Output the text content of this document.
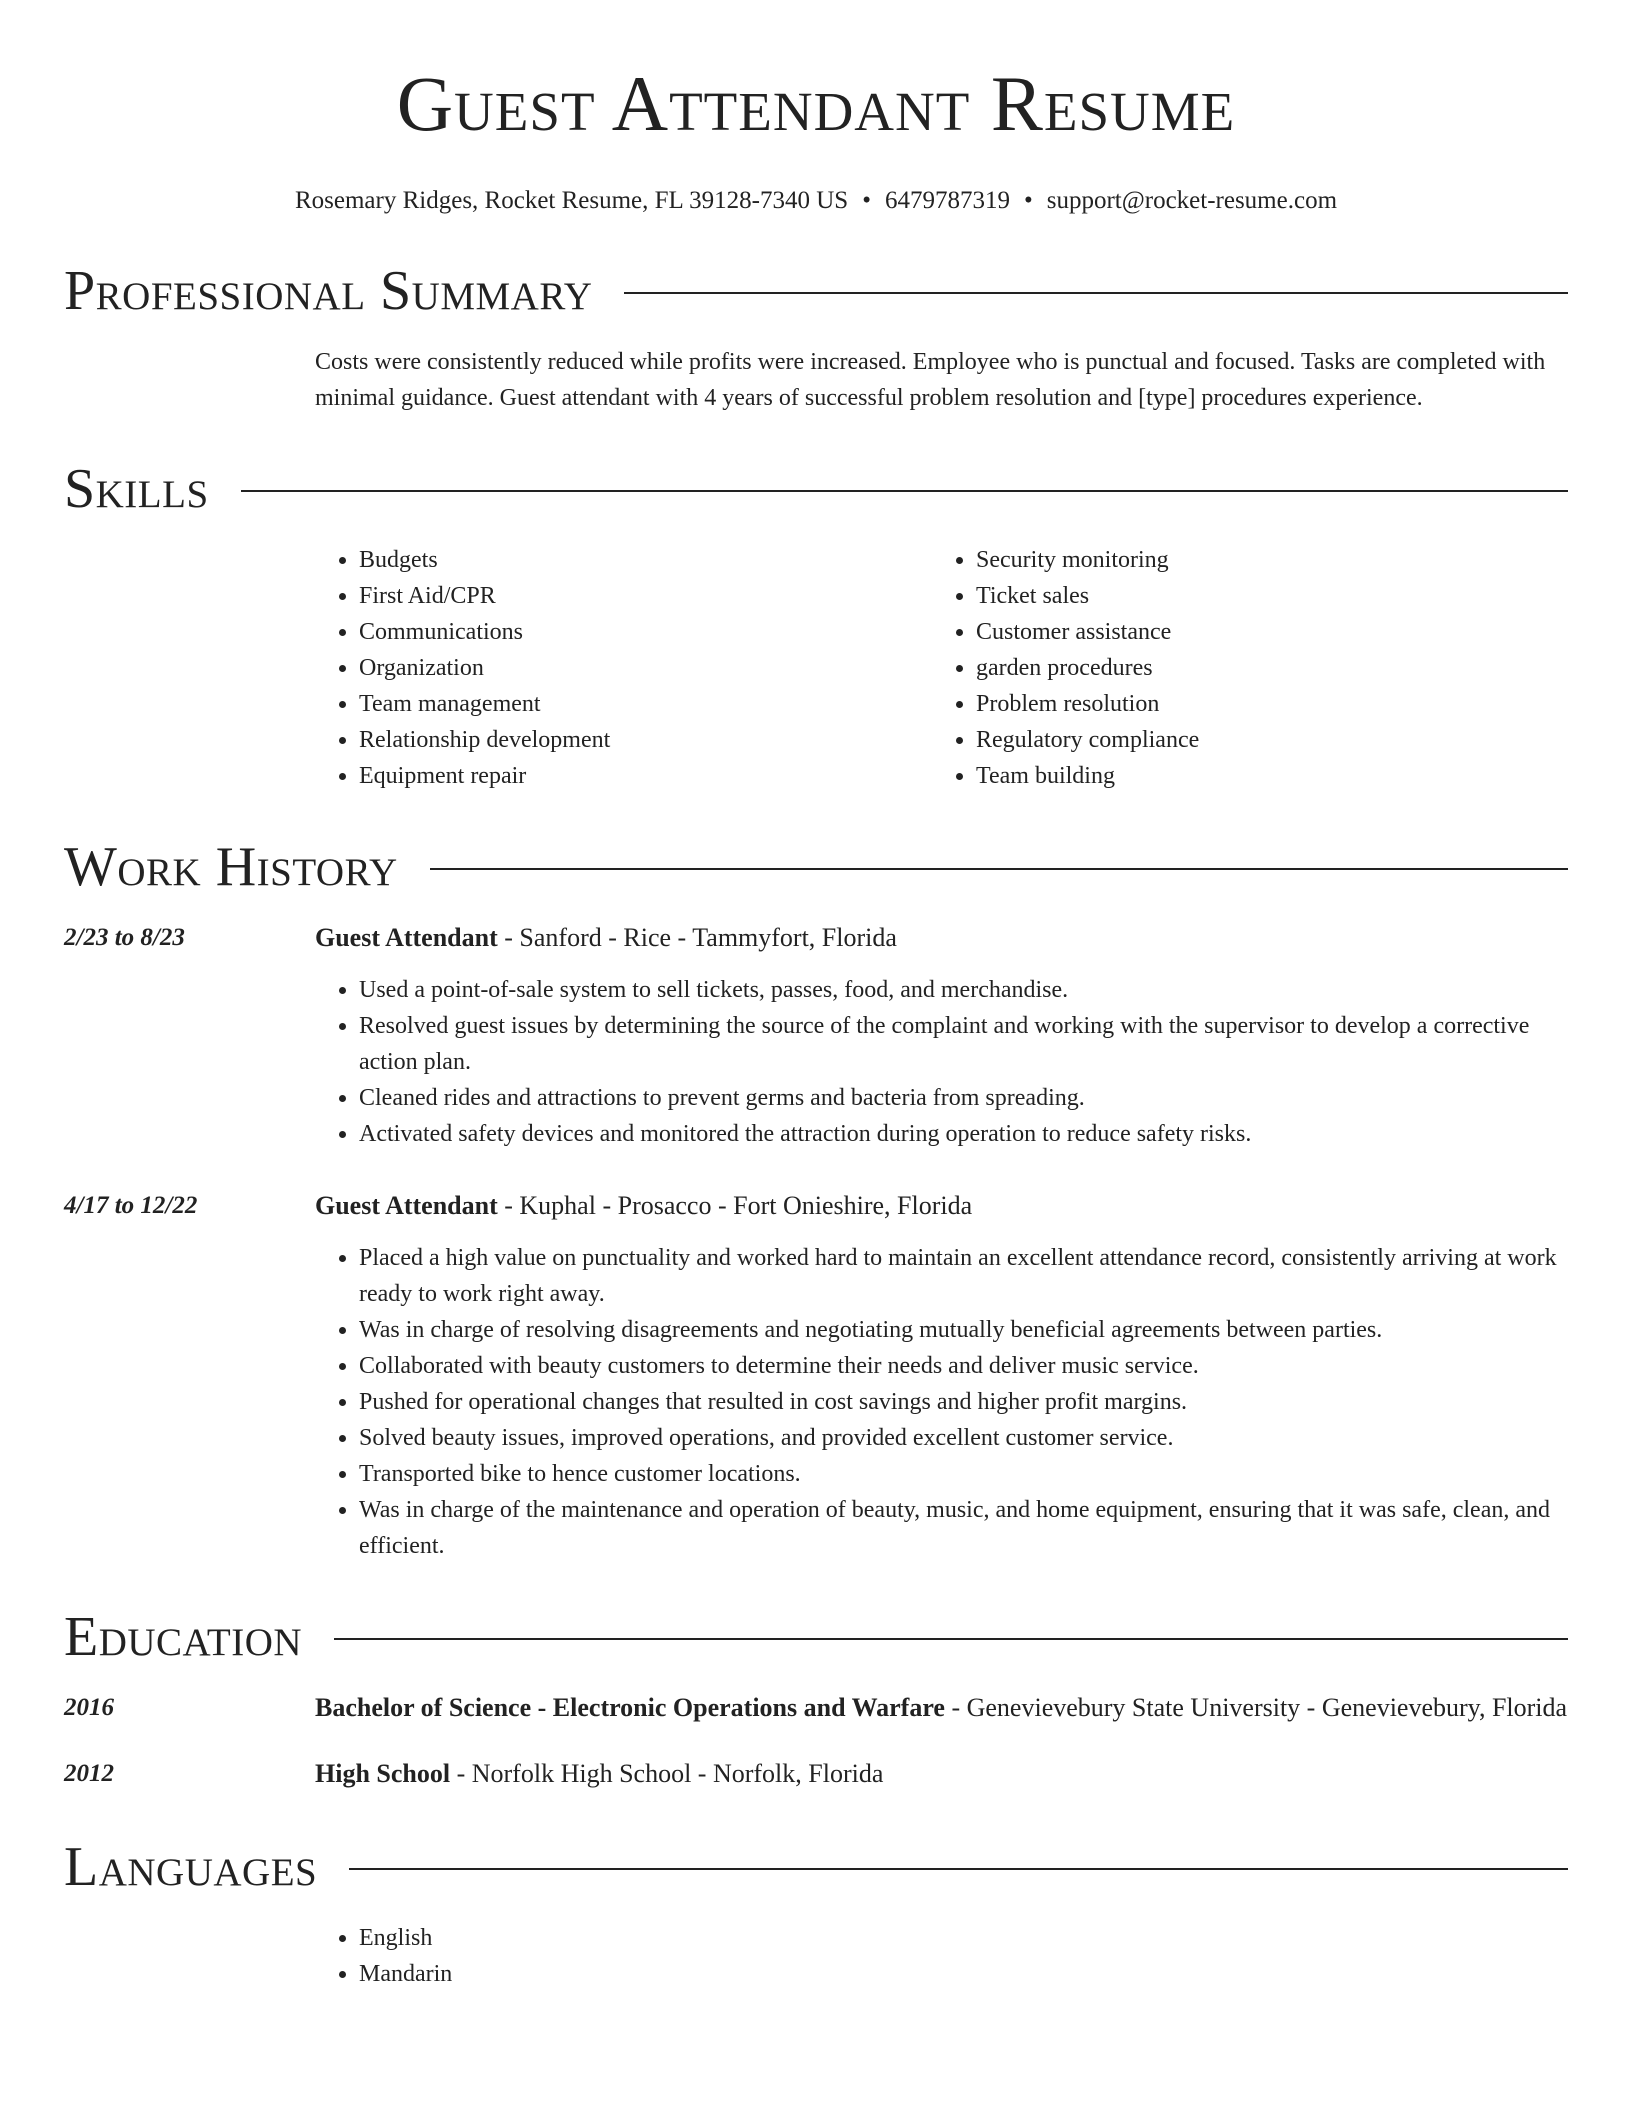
Guest Attendant Resume
Rosemary Ridges, Rocket Resume, FL 39128-7340 US • 6479787319 • support@rocket-resume.com
Professional Summary
Costs were consistently reduced while profits were increased. Employee who is punctual and focused. Tasks are completed with minimal guidance. Guest attendant with 4 years of successful problem resolution and [type] procedures experience.
Skills
• Budgets
• First Aid/CPR
• Communications
• Organization
• Team management
• Relationship development
• Equipment repair
• Security monitoring
• Ticket sales
• Customer assistance
• garden procedures
• Problem resolution
• Regulatory compliance
• Team building
Work History
2/23 to 8/23	Guest Attendant - Sanford - Rice - Tammyfort, Florida
• Used a point-of-sale system to sell tickets, passes, food, and merchandise.
• Resolved guest issues by determining the source of the complaint and working with the supervisor to develop a corrective action plan.
• Cleaned rides and attractions to prevent germs and bacteria from spreading.
• Activated safety devices and monitored the attraction during operation to reduce safety risks.
4/17 to 12/22	Guest Attendant - Kuphal - Prosacco - Fort Onieshire, Florida
• Placed a high value on punctuality and worked hard to maintain an excellent attendance record, consistently arriving at work ready to work right away.
• Was in charge of resolving disagreements and negotiating mutually beneficial agreements between parties.
• Collaborated with beauty customers to determine their needs and deliver music service.
• Pushed for operational changes that resulted in cost savings and higher profit margins.
• Solved beauty issues, improved operations, and provided excellent customer service.
• Transported bike to hence customer locations.
• Was in charge of the maintenance and operation of beauty, music, and home equipment, ensuring that it was safe, clean, and efficient.
Education
2016	Bachelor of Science - Electronic Operations and Warfare - Genevievebury State University - Genevievebury, Florida
2012	High School - Norfolk High School - Norfolk, Florida
Languages
• English
• Mandarin
